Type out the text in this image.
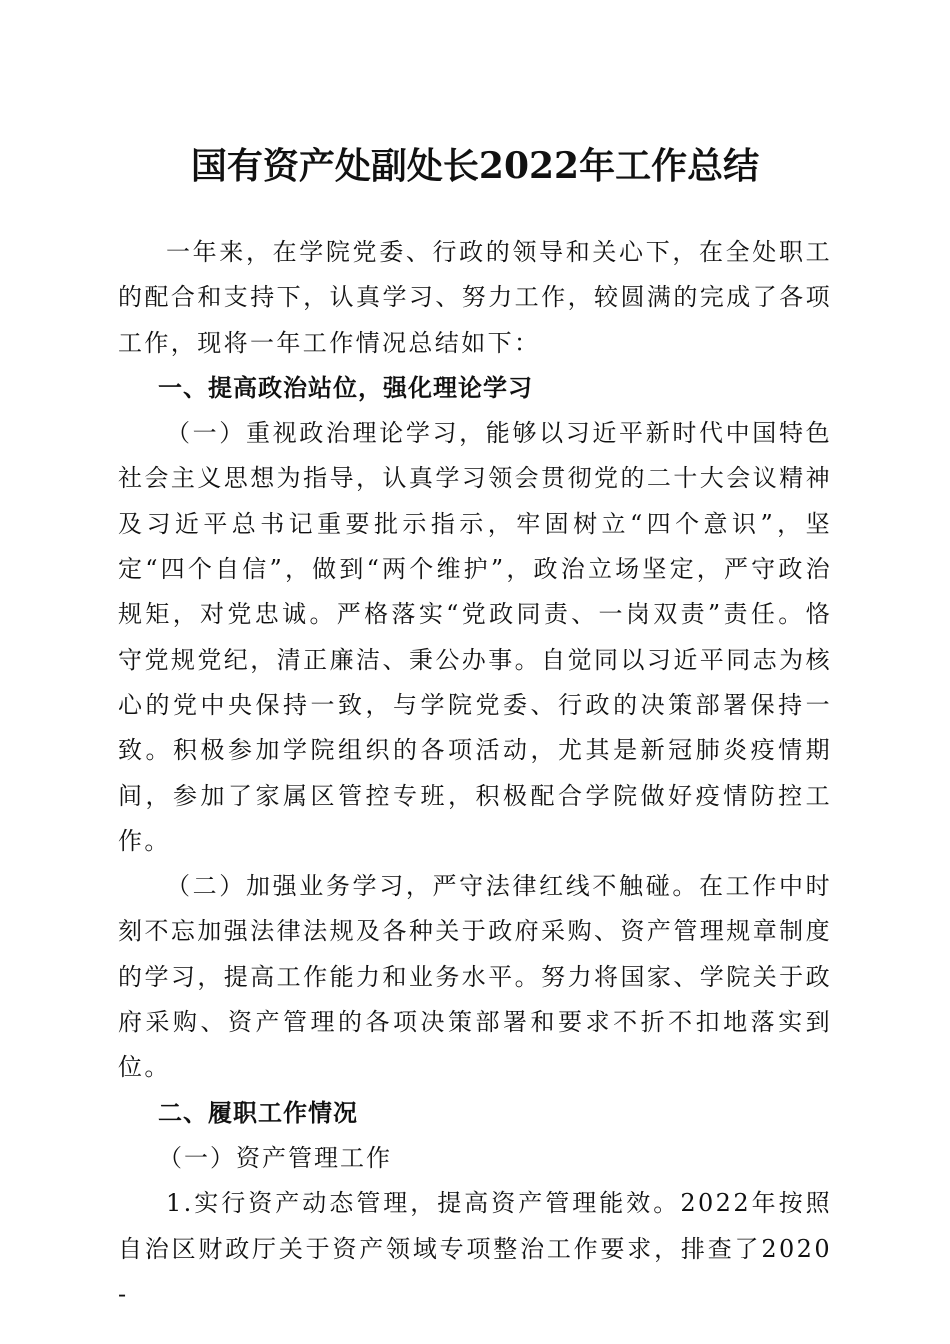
国有资产处副处长2022年工作总结

一年来，在学院党委、行政的领导和关心下，在全处职工的配合和支持下，认真学习、努力工作，较圆满的完成了各项工作，现将一年工作情况总结如下：

一、提高政治站位，强化理论学习

（一）重视政治理论学习，能够以习近平新时代中国特色社会主义思想为指导，认真学习领会贯彻党的二十大会议精神及习近平总书记重要批示指示，牢固树立“四个意识”，坚定“四个自信”，做到“两个维护”，政治立场坚定，严守政治规矩，对党忠诚。严格落实“党政同责、一岗双责”责任。恪守党规党纪，清正廉洁、秉公办事。自觉同以习近平同志为核心的党中央保持一致，与学院党委、行政的决策部署保持一致。积极参加学院组织的各项活动，尤其是新冠肺炎疫情期间，参加了家属区管控专班，积极配合学院做好疫情防控工作。

（二）加强业务学习，严守法律红线不触碰。在工作中时刻不忘加强法律法规及各种关于政府采购、资产管理规章制度的学习，提高工作能力和业务水平。努力将国家、学院关于政府采购、资产管理的各项决策部署和要求不折不扣地落实到位。

二、履职工作情况

（一）资产管理工作

1.实行资产动态管理，提高资产管理能效。2022年按照自治区财政厅关于资产领域专项整治工作要求，排查了2020-
